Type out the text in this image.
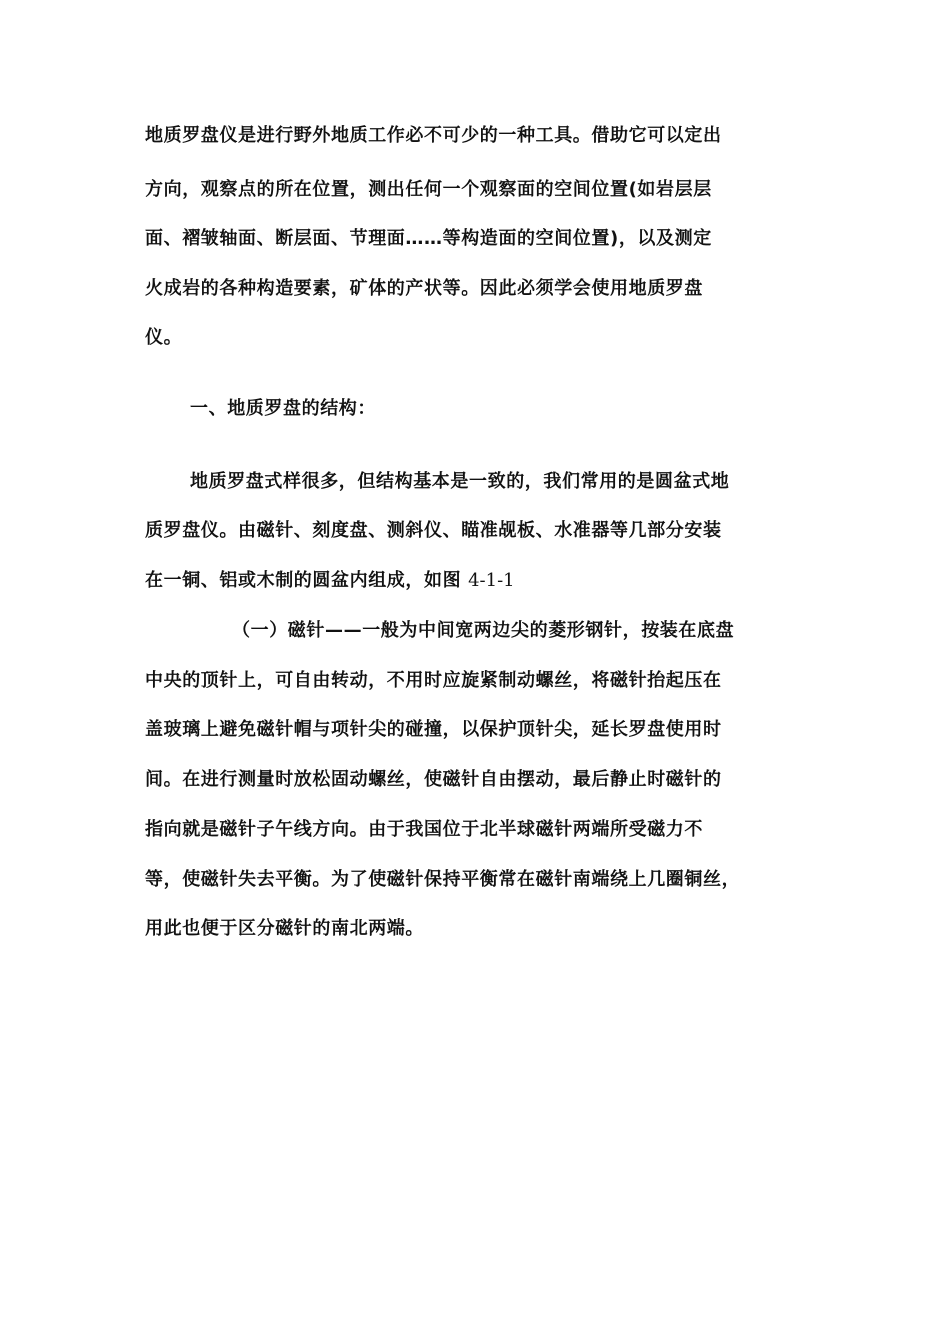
地质罗盘仪是进行野外地质工作必不可少的一种工具。借助它可以定出
方向，观察点的所在位置，测出任何一个观察面的空间位置(如岩层层
面、褶皱轴面、断层面、节理面……等构造面的空间位置)，以及测定
火成岩的各种构造要素，矿体的产状等。因此必须学会使用地质罗盘
仪。
一、地质罗盘的结构：
地质罗盘式样很多，但结构基本是一致的，我们常用的是圆盆式地
质罗盘仪。由磁针、刻度盘、测斜仪、瞄准觇板、水准器等几部分安装
在一铜、铝或木制的圆盆内组成，如图 4-1-1
（一）磁针——一般为中间宽两边尖的菱形钢针，按装在底盘
中央的顶针上，可自由转动，不用时应旋紧制动螺丝，将磁针抬起压在
盖玻璃上避免磁针帽与项针尖的碰撞，以保护顶针尖，延长罗盘使用时
间。在进行测量时放松固动螺丝，使磁针自由摆动，最后静止时磁针的
指向就是磁针子午线方向。由于我国位于北半球磁针两端所受磁力不
等，使磁针失去平衡。为了使磁针保持平衡常在磁针南端绕上几圈铜丝，
用此也便于区分磁针的南北两端。
